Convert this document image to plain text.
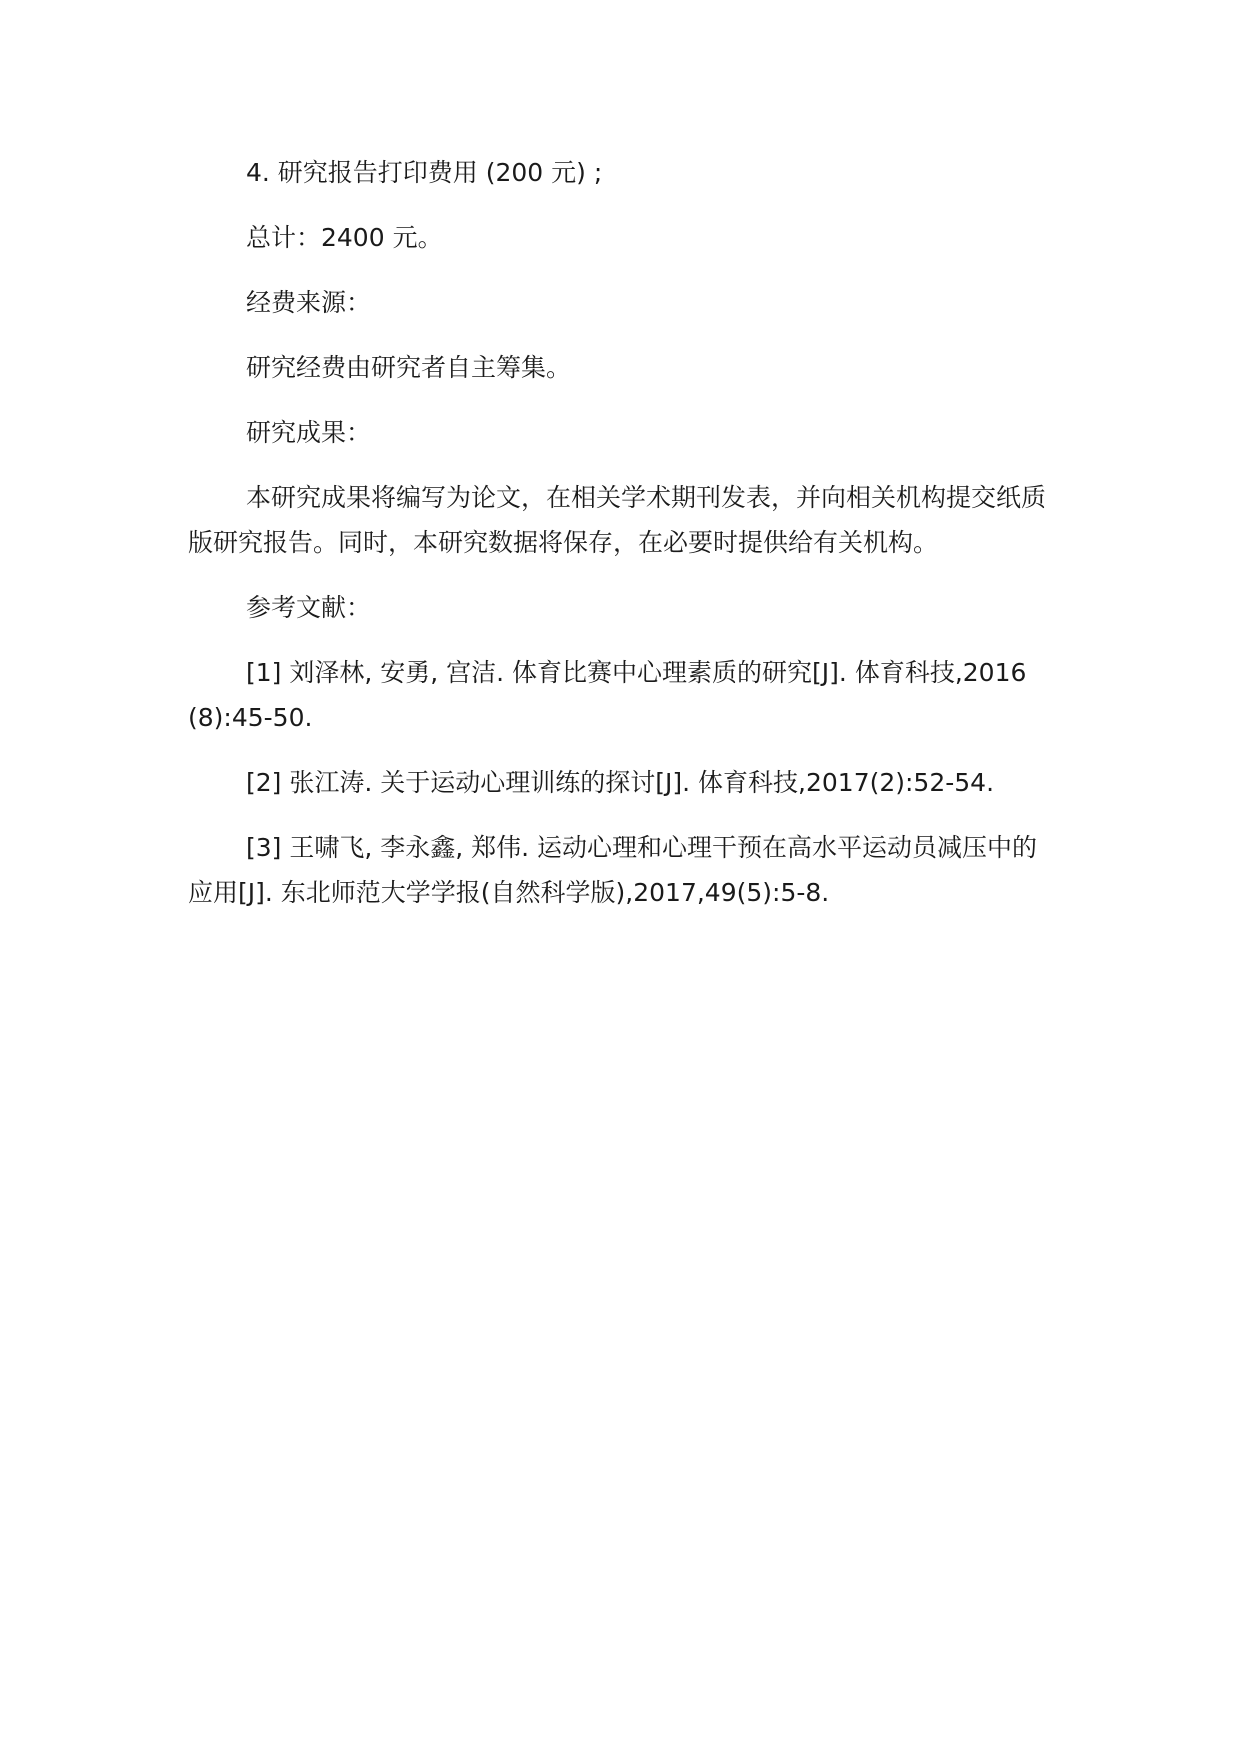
4. 研究报告打印费用 (200 元) ;

总计：2400 元。

经费来源：

研究经费由研究者自主筹集。

研究成果：

本研究成果将编写为论文，在相关学术期刊发表，并向相关机构提交纸质版研究报告。同时，本研究数据将保存，在必要时提供给有关机构。

参考文献：

[1] 刘泽林, 安勇, 宫洁. 体育比赛中心理素质的研究[J]. 体育科技,2016(8):45-50.

[2] 张江涛. 关于运动心理训练的探讨[J]. 体育科技,2017(2):52-54.

[3] 王啸飞, 李永鑫, 郑伟. 运动心理和心理干预在高水平运动员减压中的应用[J]. 东北师范大学学报(自然科学版),2017,49(5):5-8.
